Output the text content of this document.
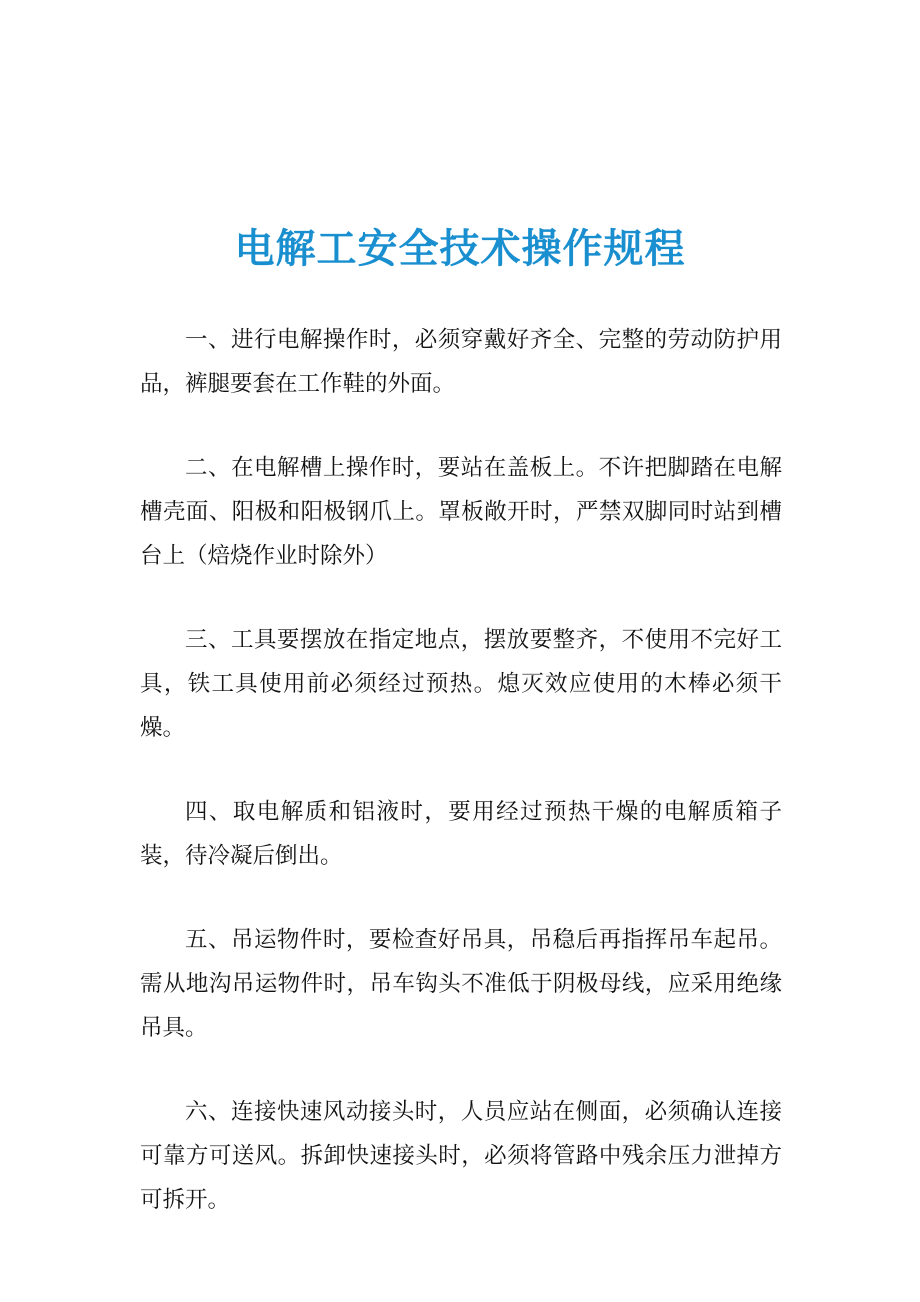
电解工安全技术操作规程

一、进行电解操作时，必须穿戴好齐全、完整的劳动防护用品，裤腿要套在工作鞋的外面。

二、在电解槽上操作时，要站在盖板上。不许把脚踏在电解槽壳面、阳极和阳极钢爪上。罩板敞开时，严禁双脚同时站到槽台上（焙烧作业时除外）

三、工具要摆放在指定地点，摆放要整齐，不使用不完好工具，铁工具使用前必须经过预热。熄灭效应使用的木棒必须干燥。

四、取电解质和铝液时，要用经过预热干燥的电解质箱子装，待冷凝后倒出。

五、吊运物件时，要检查好吊具，吊稳后再指挥吊车起吊。需从地沟吊运物件时，吊车钩头不准低于阴极母线，应采用绝缘吊具。

六、连接快速风动接头时，人员应站在侧面，必须确认连接可靠方可送风。拆卸快速接头时，必须将管路中残余压力泄掉方可拆开。
